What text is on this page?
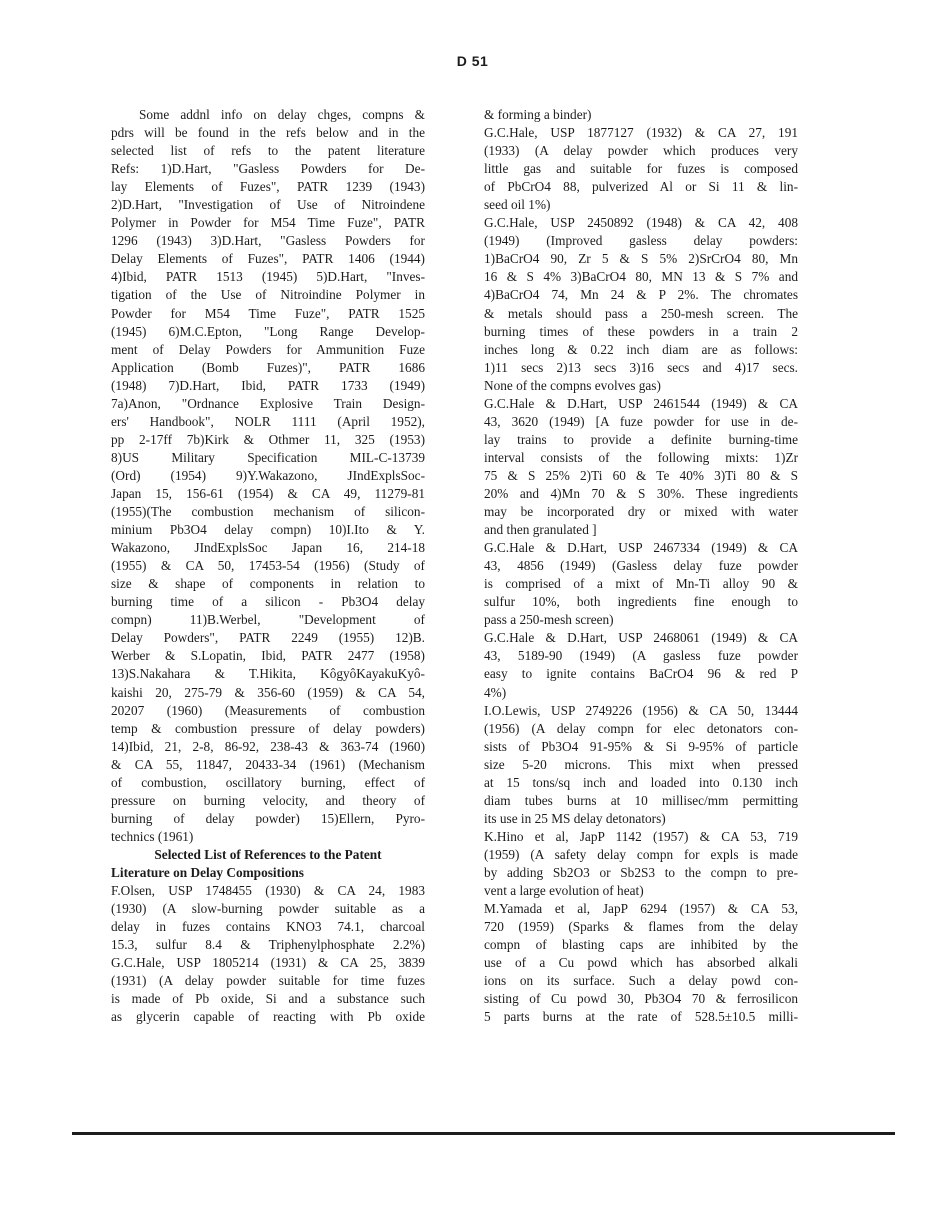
D 51
Some addnl info on delay chges, compns &
pdrs will be found in the refs below and in the
selected list of refs to the patent literature
Refs: 1)D.Hart, "Gasless Powders for De-
lay Elements of Fuzes", PATR 1239 (1943)
2)D.Hart, "Investigation of Use of Nitroindene
Polymer in Powder for M54 Time Fuze", PATR
1296 (1943) 3)D.Hart, "Gasless Powders for
Delay Elements of Fuzes", PATR 1406 (1944)
4)Ibid, PATR 1513 (1945) 5)D.Hart, "Inves-
tigation of the Use of Nitroindine Polymer in
Powder for M54 Time Fuze", PATR 1525
(1945) 6)M.C.Epton, "Long Range Develop-
ment of Delay Powders for Ammunition Fuze
Application (Bomb Fuzes)", PATR 1686
(1948) 7)D.Hart, Ibid, PATR 1733 (1949)
7a)Anon, "Ordnance Explosive Train Design-
ers' Handbook", NOLR 1111 (April 1952),
pp 2-17ff 7b)Kirk & Othmer 11, 325 (1953)
8)US Military Specification MIL-C-13739
(Ord) (1954) 9)Y.Wakazono, JIndExplsSoc-
Japan 15, 156-61 (1954) & CA 49, 11279-81
(1955)(The combustion mechanism of silicon-
minium Pb3O4 delay compn) 10)I.Ito & Y.
Wakazono, JIndExplsSoc Japan 16, 214-18
(1955) & CA 50, 17453-54 (1956) (Study of
size & shape of components in relation to
burning time of a silicon - Pb3O4 delay
compn) 11)B.Werbel, "Development of
Delay Powders", PATR 2249 (1955) 12)B.
Werber & S.Lopatin, Ibid, PATR 2477 (1958)
13)S.Nakahara & T.Hikita, KôgyôKayakuKyô-
kaishi 20, 275-79 & 356-60 (1959) & CA 54,
20207 (1960) (Measurements of combustion
temp & combustion pressure of delay powders)
14)Ibid, 21, 2-8, 86-92, 238-43 & 363-74 (1960)
& CA 55, 11847, 20433-34 (1961) (Mechanism
of combustion, oscillatory burning, effect of
pressure on burning velocity, and theory of
burning of delay powder) 15)Ellern, Pyro-
technics (1961)
Selected List of References to the Patent
Literature on Delay Compositions
F.Olsen, USP 1748455 (1930) & CA 24, 1983
(1930) (A slow-burning powder suitable as a
delay in fuzes contains KNO3 74.1, charcoal
15.3, sulfur 8.4 & Triphenylphosphate 2.2%)
G.C.Hale, USP 1805214 (1931) & CA 25, 3839
(1931) (A delay powder suitable for time fuzes
is made of Pb oxide, Si and a substance such
as glycerin capable of reacting with Pb oxide
& forming a binder)
G.C.Hale, USP 1877127 (1932) & CA 27, 191
(1933) (A delay powder which produces very
little gas and suitable for fuzes is composed
of PbCrO4 88, pulverized Al or Si 11 & lin-
seed oil 1%)
G.C.Hale, USP 2450892 (1948) & CA 42, 408
(1949) (Improved gasless delay powders:
1)BaCrO4 90, Zr 5 & S 5% 2)SrCrO4 80, Mn
16 & S 4% 3)BaCrO4 80, MN 13 & S 7% and
4)BaCrO4 74, Mn 24 & P 2%. The chromates
& metals should pass a 250-mesh screen. The
burning times of these powders in a train 2
inches long & 0.22 inch diam are as follows:
1)11 secs 2)13 secs 3)16 secs and 4)17 secs.
None of the compns evolves gas)
G.C.Hale & D.Hart, USP 2461544 (1949) & CA
43, 3620 (1949) [A fuze powder for use in de-
lay trains to provide a definite burning-time
interval consists of the following mixts: 1)Zr
75 & S 25% 2)Ti 60 & Te 40% 3)Ti 80 & S
20% and 4)Mn 70 & S 30%. These ingredients
may be incorporated dry or mixed with water
and then granulated ]
G.C.Hale & D.Hart, USP 2467334 (1949) & CA
43, 4856 (1949) (Gasless delay fuze powder
is comprised of a mixt of Mn-Ti alloy 90 &
sulfur 10%, both ingredients fine enough to
pass a 250-mesh screen)
G.C.Hale & D.Hart, USP 2468061 (1949) & CA
43, 5189-90 (1949) (A gasless fuze powder
easy to ignite contains BaCrO4 96 & red P
4%)
I.O.Lewis, USP 2749226 (1956) & CA 50, 13444
(1956) (A delay compn for elec detonators con-
sists of Pb3O4 91-95% & Si 9-95% of particle
size 5-20 microns. This mixt when pressed
at 15 tons/sq inch and loaded into 0.130 inch
diam tubes burns at 10 millisec/mm permitting
its use in 25 MS delay detonators)
K.Hino et al, JapP 1142 (1957) & CA 53, 719
(1959) (A safety delay compn for expls is made
by adding Sb2O3 or Sb2S3 to the compn to pre-
vent a large evolution of heat)
M.Yamada et al, JapP 6294 (1957) & CA 53,
720 (1959) (Sparks & flames from the delay
compn of blasting caps are inhibited by the
use of a Cu powd which has absorbed alkali
ions on its surface. Such a delay powd con-
sisting of Cu powd 30, Pb3O4 70 & ferrosilicon
5 parts burns at the rate of 528.5±10.5 milli-
